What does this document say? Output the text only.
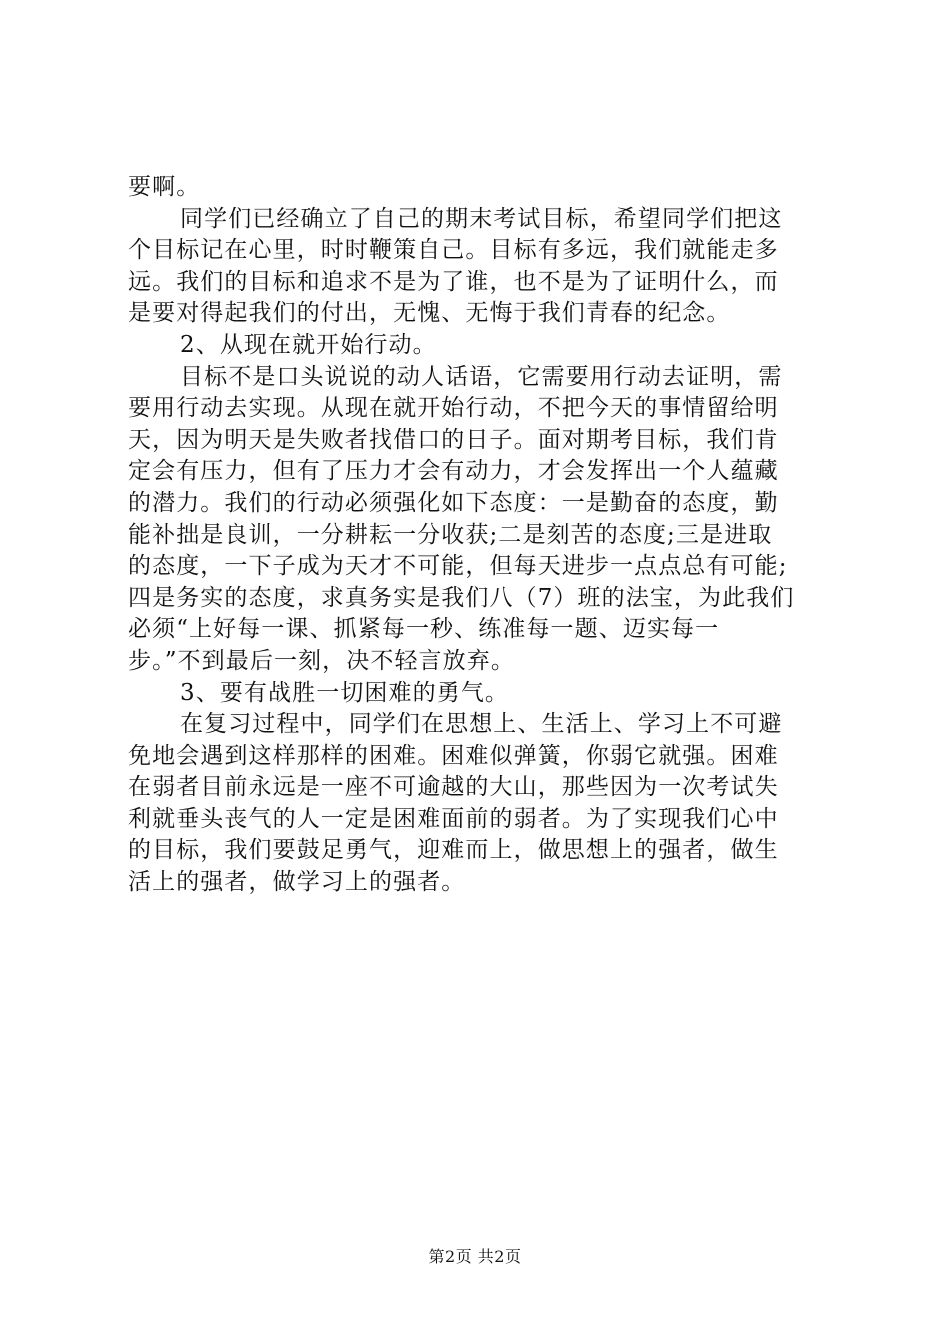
要啊。
同学们已经确立了自己的期末考试目标，希望同学们把这
个目标记在心里，时时鞭策自己。目标有多远，我们就能走多
远。我们的目标和追求不是为了谁，也不是为了证明什么，而
是要对得起我们的付出，无愧、无悔于我们青春的纪念。
2、从现在就开始行动。
目标不是口头说说的动人话语，它需要用行动去证明，需
要用行动去实现。从现在就开始行动，不把今天的事情留给明
天，因为明天是失败者找借口的日子。面对期考目标，我们肯
定会有压力，但有了压力才会有动力，才会发挥出一个人蕴藏
的潜力。我们的行动必须强化如下态度：一是勤奋的态度，勤
能补拙是良训，一分耕耘一分收获;二是刻苦的态度;三是进取
的态度，一下子成为天才不可能，但每天进步一点点总有可能;
四是务实的态度，求真务实是我们八（7）班的法宝，为此我们
必须“上好每一课、抓紧每一秒、练准每一题、迈实每一
步。”不到最后一刻，决不轻言放弃。
3、要有战胜一切困难的勇气。
在复习过程中，同学们在思想上、生活上、学习上不可避
免地会遇到这样那样的困难。困难似弹簧，你弱它就强。困难
在弱者目前永远是一座不可逾越的大山，那些因为一次考试失
利就垂头丧气的人一定是困难面前的弱者。为了实现我们心中
的目标，我们要鼓足勇气，迎难而上，做思想上的强者，做生
活上的强者，做学习上的强者。
第2页 共2页
